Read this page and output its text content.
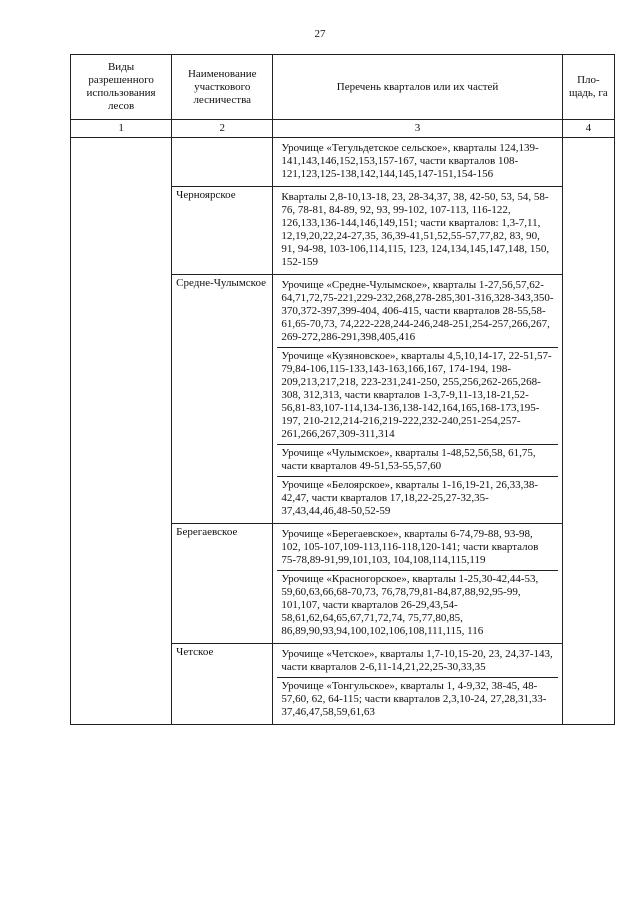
27
Виды разрешенного использования лесов	Наименование участкового лесничества	Перечень кварталов или их частей	Пло-щадь, га
1	2	3	4

		Урочище «Тегульдетское сельское», кварталы 124,139-141,143,146,152,153,157-167, части кварталов 108-121,123,125-138,142,144,145,147-151,154-156	

	Черноярское	Кварталы 2,8-10,13-18, 23, 28-34,37, 38, 42-50, 53, 54, 58-76, 78-81, 84-89, 92, 93, 99-102, 107-113, 116-122, 126,133,136-144,146,149,151; части кварталов: 1,3-7,11, 12,19,20,22,24-27,35, 36,39-41,51,52,55-57,77,82, 83, 90, 91, 94-98, 103-106,114,115, 123, 124,134,145,147,148, 150, 152-159	

	Средне-Чулымское	Урочище «Средне-Чулымское», кварталы 1-27,56,57,62-64,71,72,75-221,229-232,268,278-285,301-316,328-343,350-370,372-397,399-404, 406-415, части кварталов 28-55,58-61,65-70,73, 74,222-228,244-246,248-251,254-257,266,267, 269-272,286-291,398,405,416
Урочище «Кузяновское», кварталы 4,5,10,14-17, 22-51,57-79,84-106,115-133,143-163,166,167, 174-194, 198-209,213,217,218, 223-231,241-250, 255,256,262-265,268-308, 312,313, части кварталов 1-3,7-9,11-13,18-21,52-56,81-83,107-114,134-136,138-142,164,165,168-173,195-197, 210-212,214-216,219-222,232-240,251-254,257-261,266,267,309-311,314
Урочище «Чулымское», кварталы 1-48,52,56,58, 61,75, части кварталов 49-51,53-55,57,60
Урочище «Белоярское», кварталы 1-16,19-21, 26,33,38-42,47, части кварталов 17,18,22-25,27-32,35-37,43,44,46,48-50,52-59	

	Берегаевское	Урочище «Берегаевское», кварталы 6-74,79-88, 93-98, 102, 105-107,109-113,116-118,120-141; части кварталов 75-78,89-91,99,101,103, 104,108,114,115,119
Урочище «Красногорское», кварталы 1-25,30-42,44-53, 59,60,63,66,68-70,73, 76,78,79,81-84,87,88,92,95-99, 101,107, части кварталов 26-29,43,54-58,61,62,64,65,67,71,72,74, 75,77,80,85, 86,89,90,93,94,100,102,106,108,111,115, 116	

	Четское	Урочище «Четское», кварталы 1,7-10,15-20, 23, 24,37-143, части кварталов 2-6,11-14,21,22,25-30,33,35
Урочище «Тонгульское», кварталы 1, 4-9,32, 38-45, 48-57,60, 62, 64-115; части кварталов 2,3,10-24, 27,28,31,33-37,46,47,58,59,61,63	
